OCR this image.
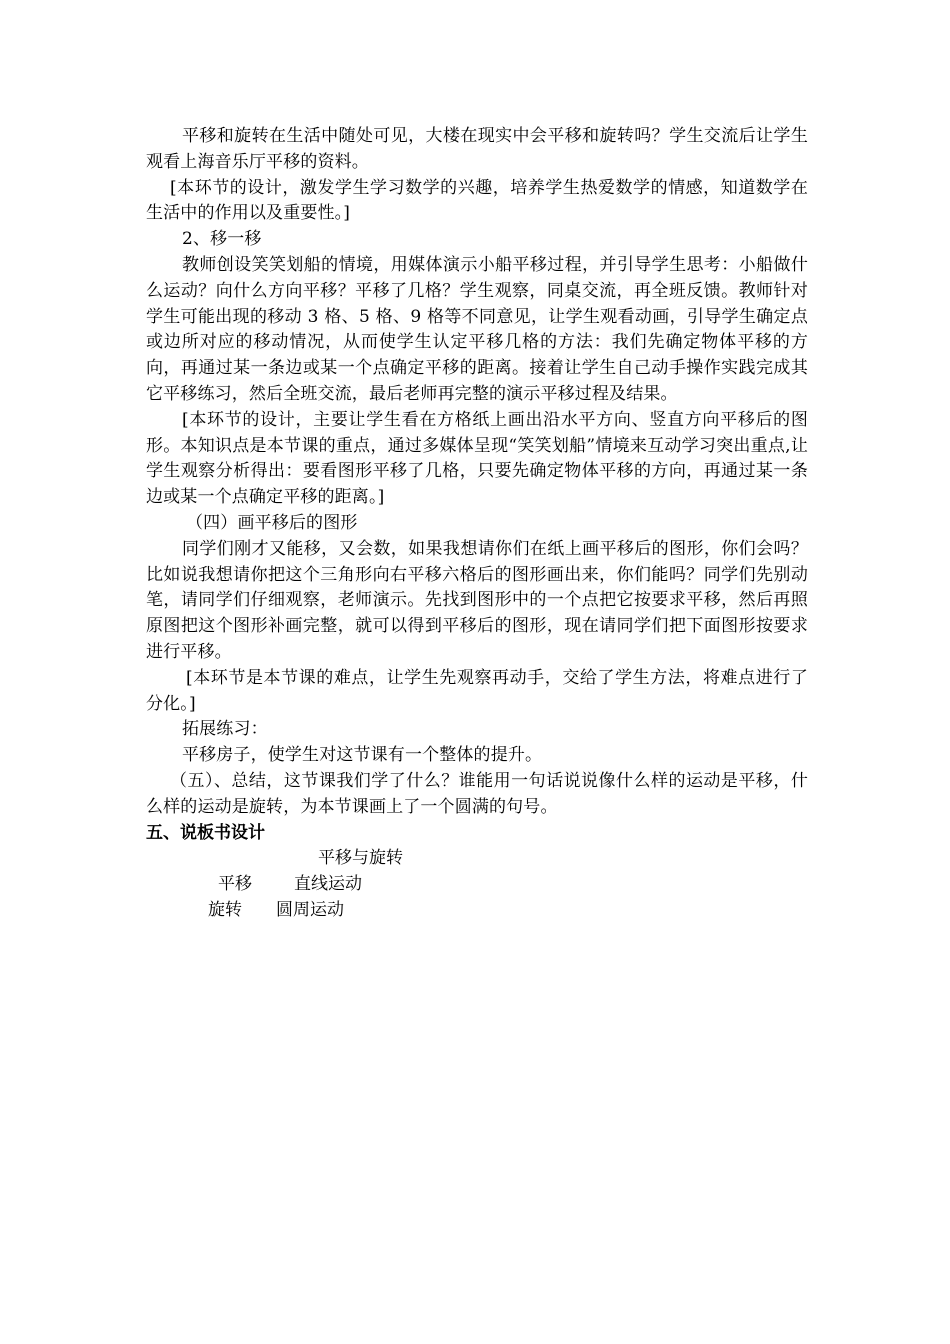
平移和旋转在生活中随处可见，大楼在现实中会平移和旋转吗？学生交流后让学生观看上海音乐厅平移的资料。

[本环节的设计，激发学生学习数学的兴趣，培养学生热爱数学的情感，知道数学在生活中的作用以及重要性。]

2、移一移

教师创设笑笑划船的情境，用媒体演示小船平移过程，并引导学生思考：小船做什么运动？向什么方向平移？平移了几格？学生观察，同桌交流，再全班反馈。教师针对学生可能出现的移动 3 格、5 格、9 格等不同意见，让学生观看动画，引导学生确定点或边所对应的移动情况，从而使学生认定平移几格的方法：我们先确定物体平移的方向，再通过某一条边或某一个点确定平移的距离。接着让学生自己动手操作实践完成其它平移练习，然后全班交流，最后老师再完整的演示平移过程及结果。

[本环节的设计，主要让学生看在方格纸上画出沿水平方向、竖直方向平移后的图形。本知识点是本节课的重点，通过多媒体呈现“笑笑划船”情境来互动学习突出重点,让学生观察分析得出：要看图形平移了几格，只要先确定物体平移的方向，再通过某一条边或某一个点确定平移的距离。]

（四）画平移后的图形

同学们刚才又能移，又会数，如果我想请你们在纸上画平移后的图形，你们会吗？比如说我想请你把这个三角形向右平移六格后的图形画出来，你们能吗？同学们先别动笔，请同学们仔细观察，老师演示。先找到图形中的一个点把它按要求平移，然后再照原图把这个图形补画完整，就可以得到平移后的图形，现在请同学们把下面图形按要求进行平移。

[本环节是本节课的难点，让学生先观察再动手，交给了学生方法，将难点进行了分化。]

拓展练习：

平移房子，使学生对这节课有一个整体的提升。

（五）、总结，这节课我们学了什么？谁能用一句话说说像什么样的运动是平移，什么样的运动是旋转，为本节课画上了一个圆满的句号。

五、说板书设计

平移与旋转
平移 直线运动
旋转 圆周运动
